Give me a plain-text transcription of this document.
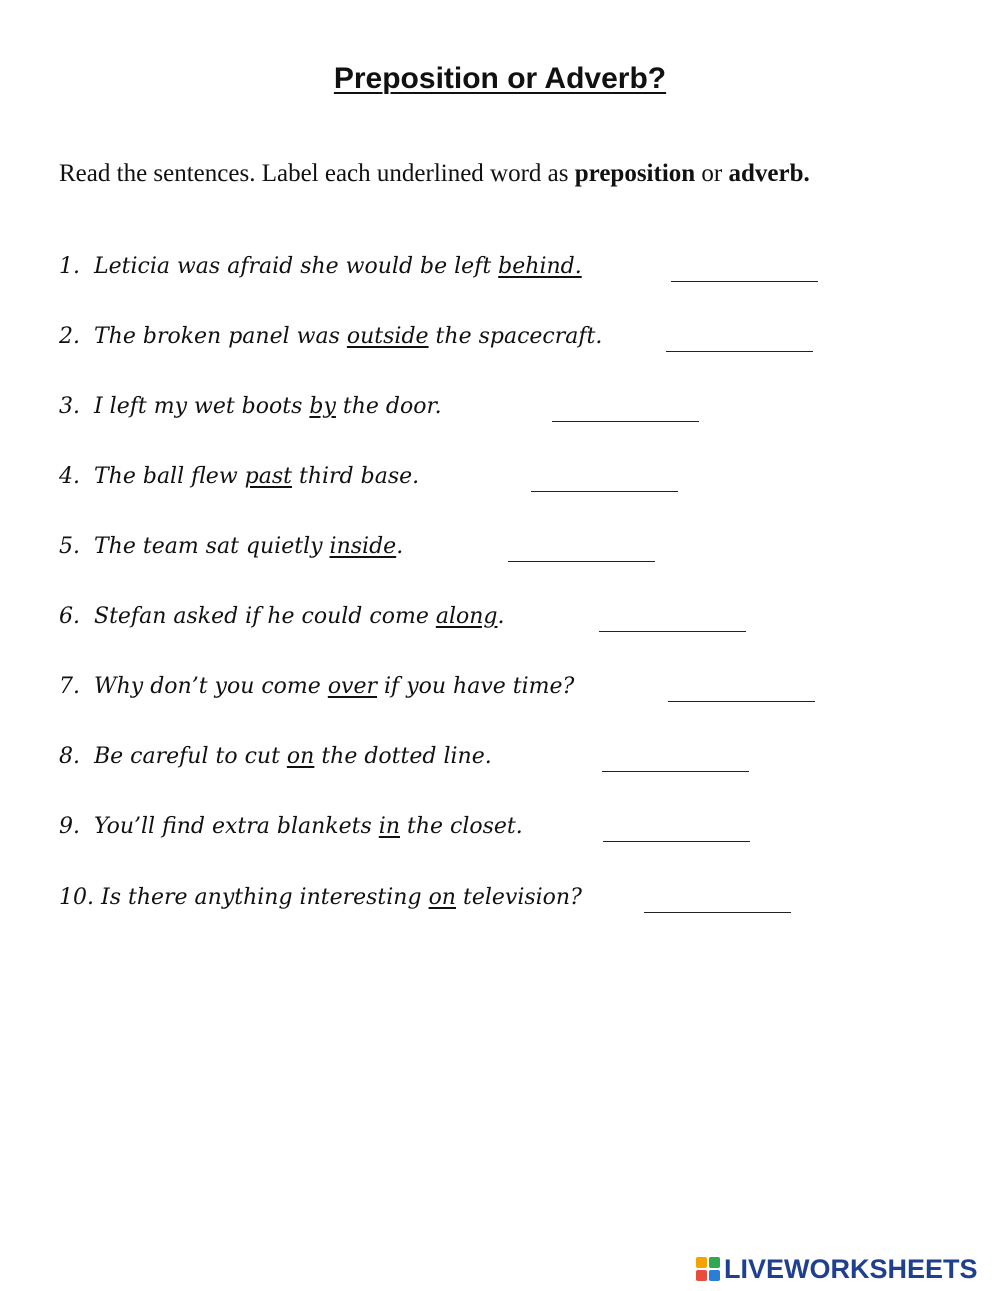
Preposition or Adverb?
Read the sentences. Label each underlined word as preposition or adverb.
1. Leticia was afraid she would be left behind.
2. The broken panel was outside the spacecraft.
3. I left my wet boots by the door.
4. The ball flew past third base.
5. The team sat quietly inside.
6. Stefan asked if he could come along.
7. Why don’t you come over if you have time?
8. Be careful to cut on the dotted line.
9. You’ll find extra blankets in the closet.
10. Is there anything interesting on television?
LIVEWORKSHEETS
